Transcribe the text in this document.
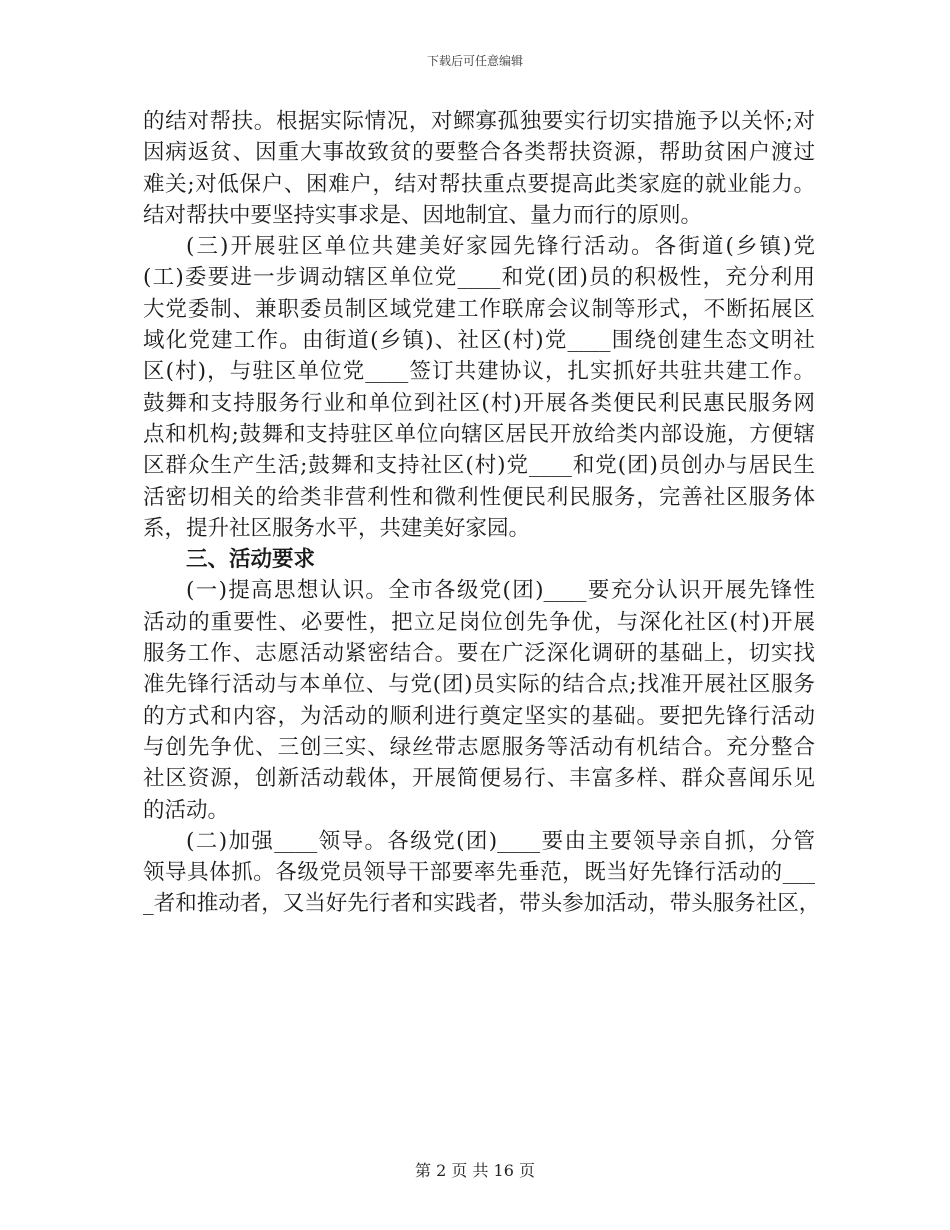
下载后可任意编辑
的结对帮扶。根据实际情况，对鳏寡孤独要实行切实措施予以关怀;对
因病返贫、因重大事故致贫的要整合各类帮扶资源，帮助贫困户渡过
难关;对低保户、困难户，结对帮扶重点要提高此类家庭的就业能力。
结对帮扶中要坚持实事求是、因地制宜、量力而行的原则。
(三)开展驻区单位共建美好家园先锋行活动。各街道(乡镇)党
(工)委要进一步调动辖区单位党____和党(团)员的积极性，充分利用
大党委制、兼职委员制区域党建工作联席会议制等形式，不断拓展区
域化党建工作。由街道(乡镇)、社区(村)党____围绕创建生态文明社
区(村)，与驻区单位党____签订共建协议，扎实抓好共驻共建工作。
鼓舞和支持服务行业和单位到社区(村)开展各类便民利民惠民服务网
点和机构;鼓舞和支持驻区单位向辖区居民开放给类内部设施，方便辖
区群众生产生活;鼓舞和支持社区(村)党____和党(团)员创办与居民生
活密切相关的给类非营利性和微利性便民利民服务，完善社区服务体
系，提升社区服务水平，共建美好家园。
三、活动要求
(一)提高思想认识。全市各级党(团)____要充分认识开展先锋性
活动的重要性、必要性，把立足岗位创先争优，与深化社区(村)开展
服务工作、志愿活动紧密结合。要在广泛深化调研的基础上，切实找
准先锋行活动与本单位、与党(团)员实际的结合点;找准开展社区服务
的方式和内容，为活动的顺利进行奠定坚实的基础。要把先锋行活动
与创先争优、三创三实、绿丝带志愿服务等活动有机结合。充分整合
社区资源，创新活动载体，开展简便易行、丰富多样、群众喜闻乐见
的活动。
(二)加强____领导。各级党(团)____要由主要领导亲自抓，分管
领导具体抓。各级党员领导干部要率先垂范，既当好先锋行活动的___
_者和推动者，又当好先行者和实践者，带头参加活动，带头服务社区，
第 2 页 共 16 页
